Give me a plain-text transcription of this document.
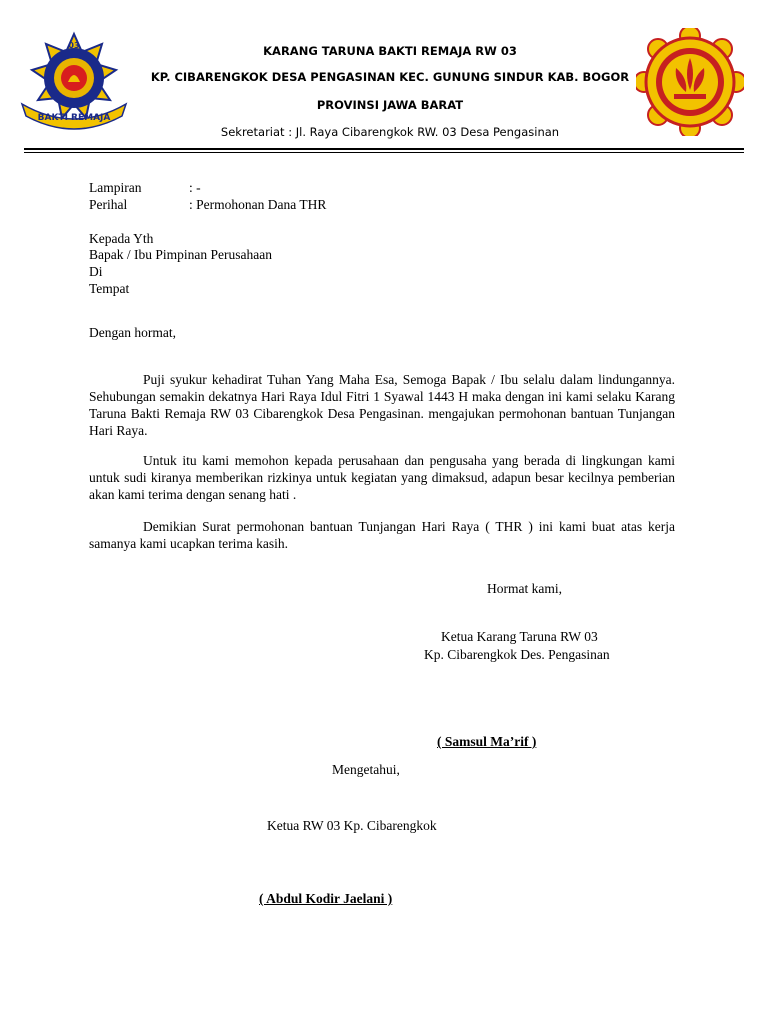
BAKTI REMAJA
03	KARANG TARUNA BAKTI REMAJA RW 03
KP. CIBARENGKOK DESA PENGASINAN KEC. GUNUNG SINDUR KAB. BOGOR
PROVINSI JAWA BARAT
Sekretariat : Jl. Raya Cibarengkok RW. 03 Desa Pengasinan
Lampiran	: -
Perihal	: Permohonan Dana THR
Kepada Yth
Bapak / Ibu Pimpinan Perusahaan
Di
Tempat
Dengan hormat,

Puji syukur kehadirat Tuhan Yang Maha Esa, Semoga Bapak / Ibu selalu dalam lindungannya. Sehubungan semakin dekatnya Hari Raya Idul Fitri 1 Syawal 1443 H maka dengan ini kami selaku Karang Taruna Bakti Remaja RW 03 Cibarengkok Desa Pengasinan. mengajukan permohonan bantuan Tunjangan Hari Raya.

Untuk itu kami memohon kepada perusahaan dan pengusaha yang berada di lingkungan kami untuk sudi kiranya memberikan rizkinya untuk kegiatan yang dimaksud, adapun besar kecilnya pemberian akan kami terima dengan senang hati .

Demikian Surat permohonan bantuan Tunjangan Hari Raya ( THR ) ini kami buat atas kerja samanya kami ucapkan terima kasih.

Hormat kami,
Ketua Karang Taruna RW 03
Kp. Cibarengkok Des. Pengasinan
( Samsul Ma’rif )
Mengetahui,
Ketua RW 03 Kp. Cibarengkok
( Abdul Kodir Jaelani )
